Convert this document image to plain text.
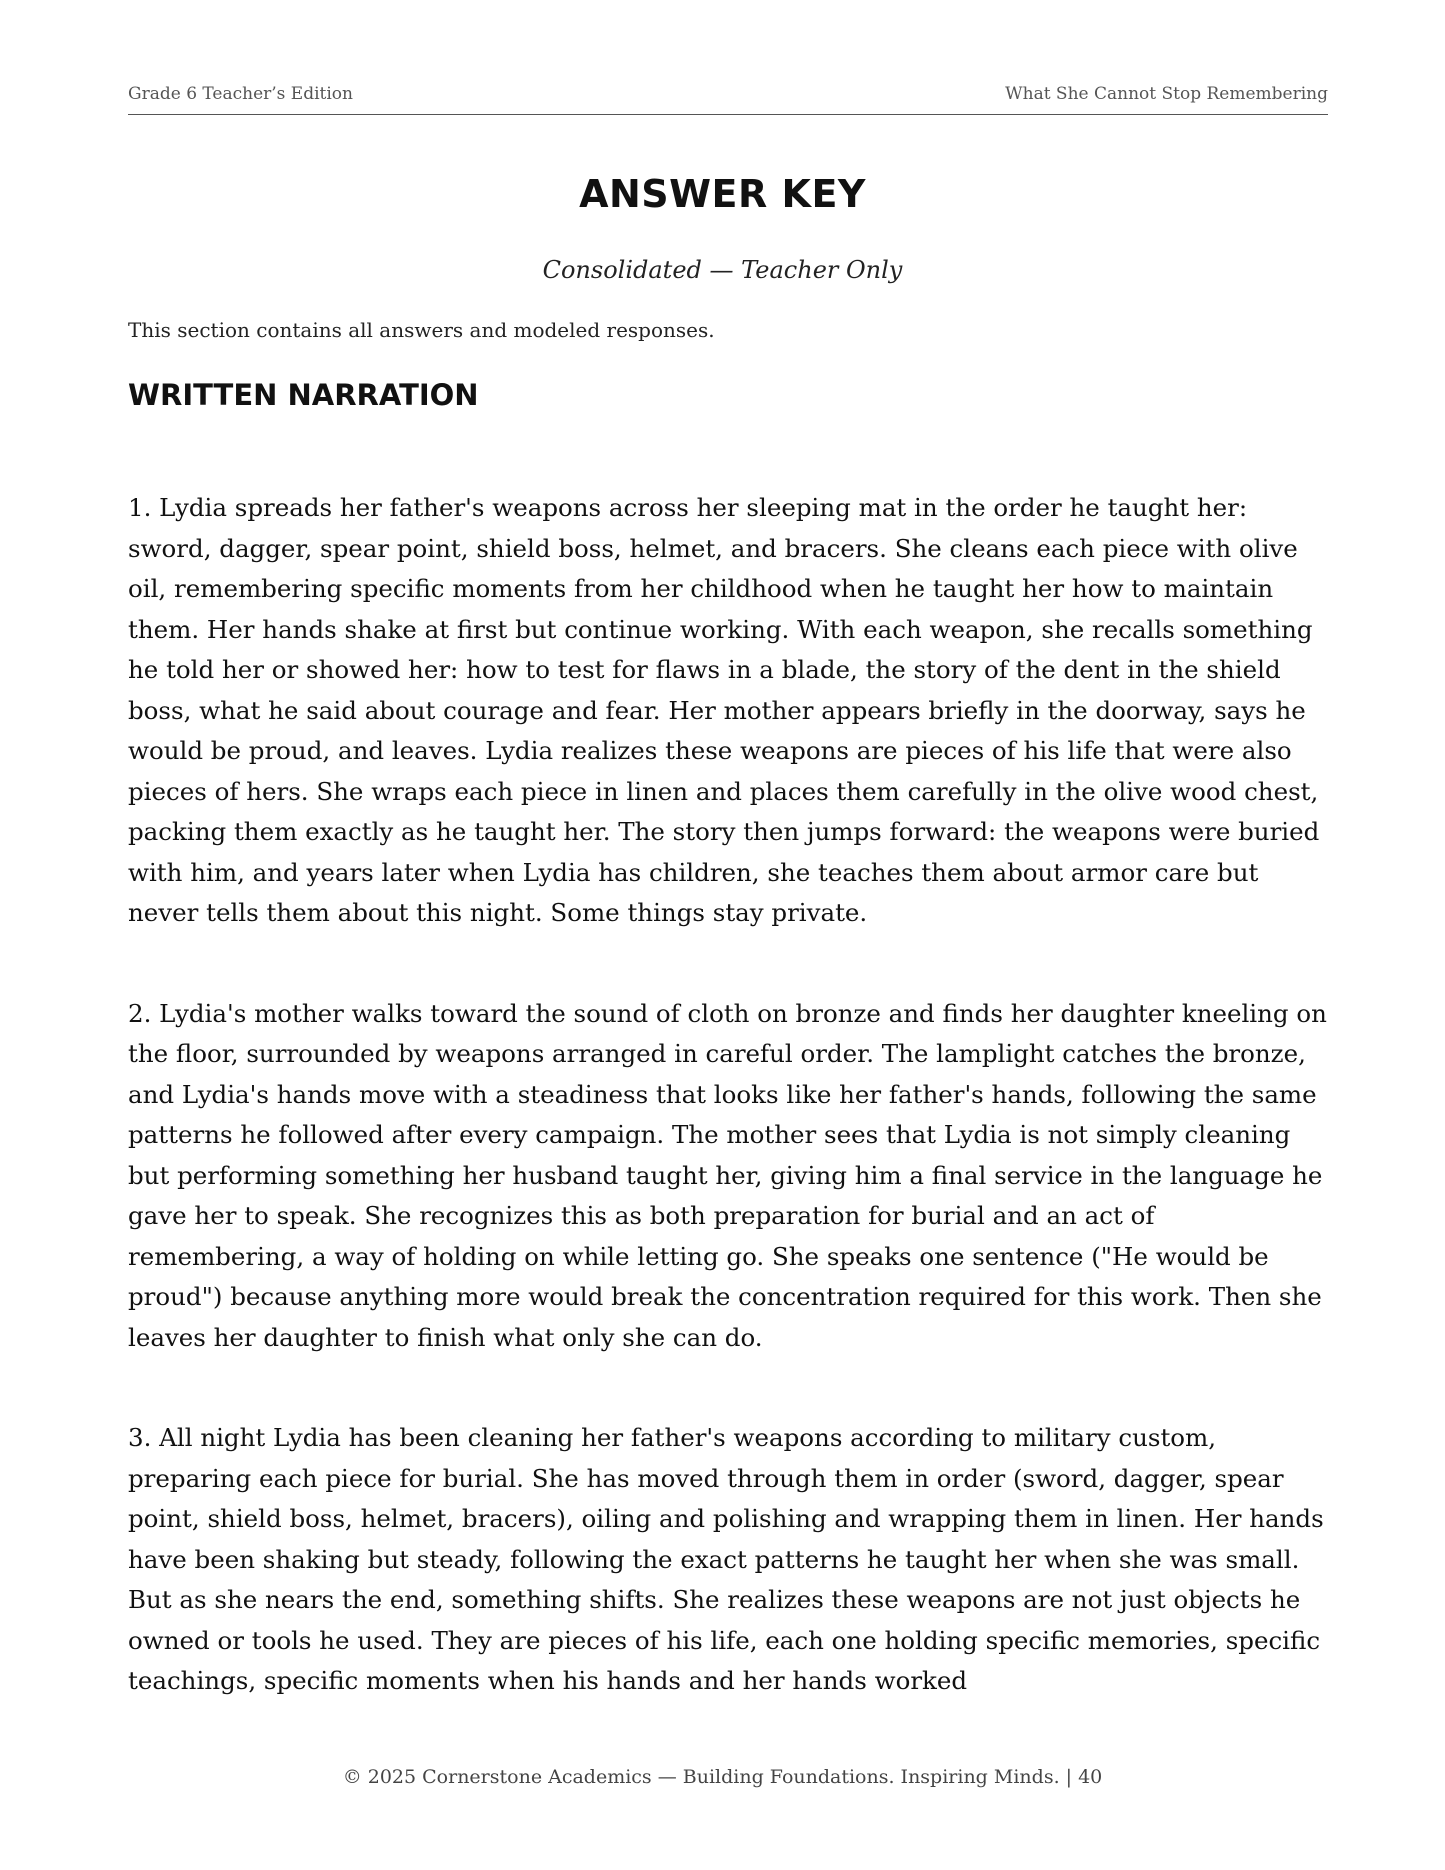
Grade 6 Teacher’s Edition	What She Cannot Stop Remembering
ANSWER KEY
Consolidated — Teacher Only
This section contains all answers and modeled responses.
WRITTEN NARRATION

1. Lydia spreads her father's weapons across her sleeping mat in the order he taught her: sword, dagger, spear point, shield boss, helmet, and bracers. She cleans each piece with olive oil, remembering specific moments from her childhood when he taught her how to maintain them. Her hands shake at first but continue working. With each weapon, she recalls something he told her or showed her: how to test for flaws in a blade, the story of the dent in the shield boss, what he said about courage and fear. Her mother appears briefly in the doorway, says he would be proud, and leaves. Lydia realizes these weapons are pieces of his life that were also pieces of hers. She wraps each piece in linen and places them carefully in the olive wood chest, packing them exactly as he taught her. The story then jumps forward: the weapons were buried with him, and years later when Lydia has children, she teaches them about armor care but never tells them about this night. Some things stay private.

2. Lydia's mother walks toward the sound of cloth on bronze and finds her daughter kneeling on the floor, surrounded by weapons arranged in careful order. The lamplight catches the bronze, and Lydia's hands move with a steadiness that looks like her father's hands, following the same patterns he followed after every campaign. The mother sees that Lydia is not simply cleaning but performing something her husband taught her, giving him a final service in the language he gave her to speak. She recognizes this as both preparation for burial and an act of remembering, a way of holding on while letting go. She speaks one sentence ("He would be proud") because anything more would break the concentration required for this work. Then she leaves her daughter to finish what only she can do.

3. All night Lydia has been cleaning her father's weapons according to military custom, preparing each piece for burial. She has moved through them in order (sword, dagger, spear point, shield boss, helmet, bracers), oiling and polishing and wrapping them in linen. Her hands have been shaking but steady, following the exact patterns he taught her when she was small. But as she nears the end, something shifts. She realizes these weapons are not just objects he owned or tools he used. They are pieces of his life, each one holding specific memories, specific teachings, specific moments when his hands and her hands worked

© 2025 Cornerstone Academics — Building Foundations. Inspiring Minds. | 40
